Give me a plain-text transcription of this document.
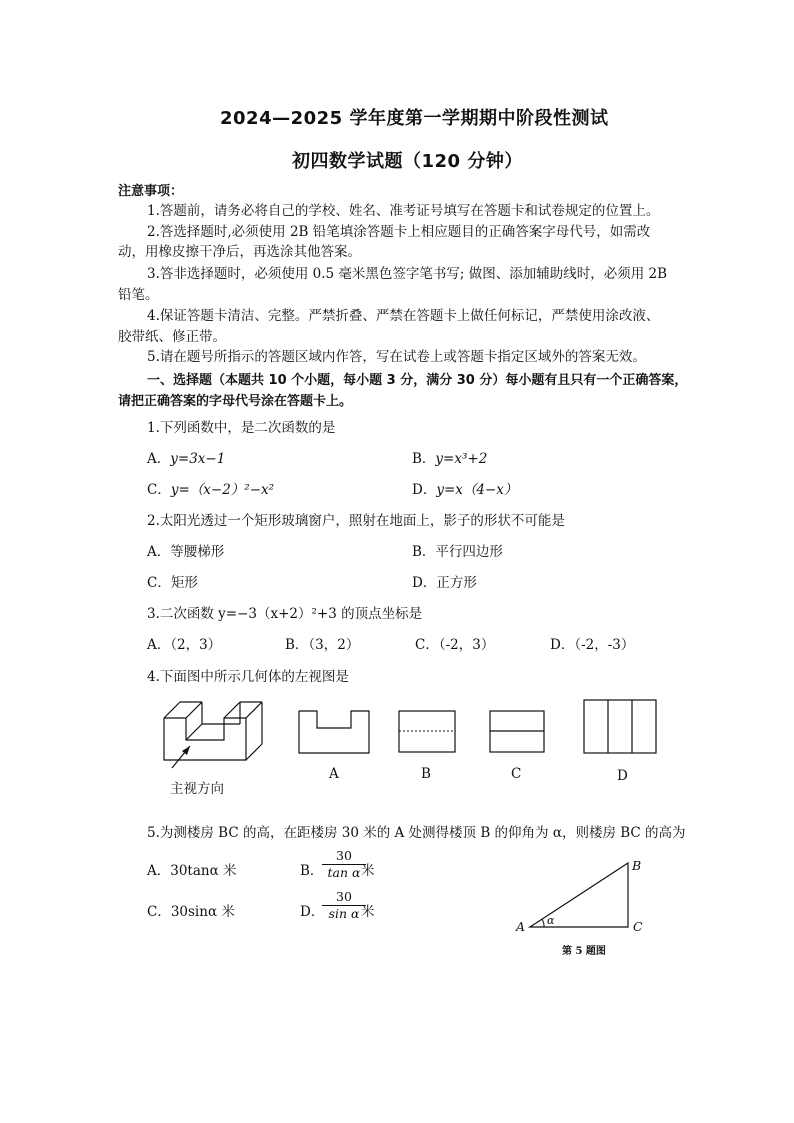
2024—2025 学年度第一学期期中阶段性测试
初四数学试题（120 分钟）
注意事项：
1.答题前，请务必将自己的学校、姓名、准考证号填写在答题卡和试卷规定的位置上。
2.答选择题时,必须使用 2B 铅笔填涂答题卡上相应题目的正确答案字母代号，如需改
动，用橡皮擦干净后，再选涂其他答案。
3.答非选择题时，必须使用 0.5 毫米黑色签字笔书写; 做图、添加辅助线时，必须用 2B
铅笔。
4.保证答题卡清洁、完整。严禁折叠、严禁在答题卡上做任何标记，严禁使用涂改液、
胶带纸、修正带。
5.请在题号所指示的答题区域内作答，写在试卷上或答题卡指定区域外的答案无效。
一、选择题（本题共 10 个小题，每小题 3 分，满分 30 分）每小题有且只有一个正确答案，
请把正确答案的字母代号涂在答题卡上。
1.下列函数中，是二次函数的是
A．y=3x−1	B．y=x³+2
C．y=（x−2）²−x²	D．y=x（4−x）
2.太阳光透过一个矩形玻璃窗户，照射在地面上，影子的形状不可能是
A．等腰梯形	B．平行四边形
C．矩形	D．正方形
3.二次函数 y=−3（x+2）²+3 的顶点坐标是
A．（2，3）	B．（3，2）	C．（-2，3）	D．（-2，-3）
4.下面图中所示几何体的左视图是
主视方向
A	B	C	D
5.为测楼房 BC 的高，在距楼房 30 米的 A 处测得楼顶 B 的仰角为 α，则楼房 BC 的高为
A．30tanα 米	B．
$\frac{30}{\text{tan α}}$
米
C．30sinα 米	D．
$\frac{30}{\text{sin α}}$
米
A
B
C
α
第 5 题图
